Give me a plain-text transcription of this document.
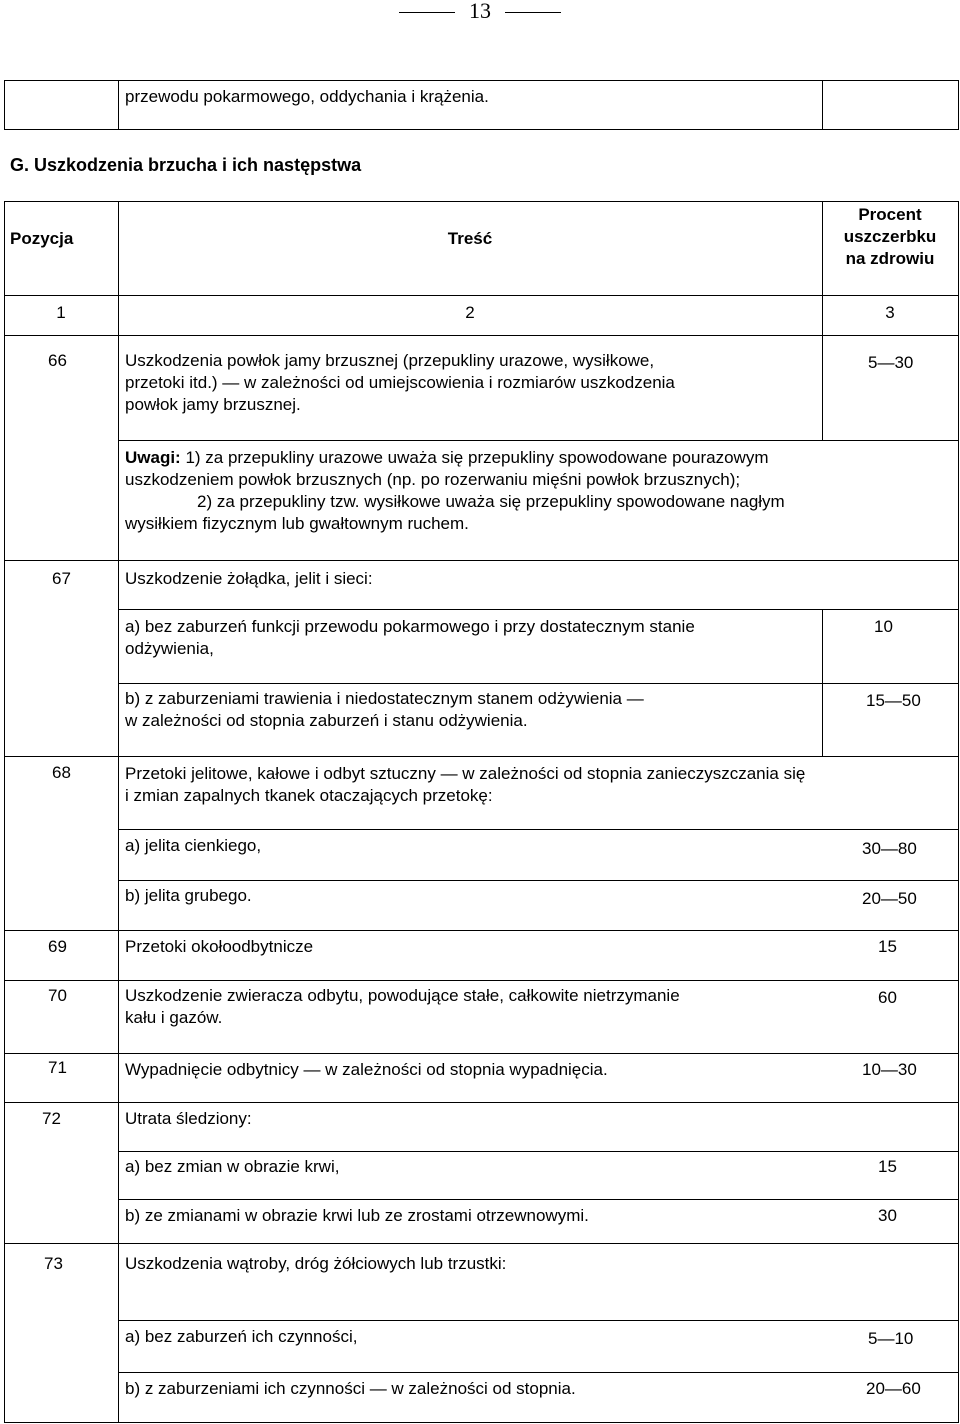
13
przewodu pokarmowego, oddychania i krążenia.
G. Uszkodzenia brzucha i ich następstwa
Pozycja	Treść
Procent
uszczerbku
na zdrowiu
1	2	3
66	Uszkodzenia powłok jamy brzusznej (przepukliny urazowe, wysiłkowe,
przetoki itd.) ― w zależności od umiejscowienia i rozmiarów uszkodzenia
powłok jamy brzusznej.
5―30
Uwagi: 1) za przepukliny urazowe uważa się przepukliny spowodowane pourazowym
uszkodzeniem powłok brzusznych (np. po rozerwaniu mięśni powłok brzusznych);
2) za przepukliny tzw. wysiłkowe uważa się przepukliny spowodowane nagłym
wysiłkiem fizycznym lub gwałtownym ruchem.
67	Uszkodzenie żołądka, jelit i sieci:
a) bez zaburzeń funkcji przewodu pokarmowego i przy dostatecznym stanie
odżywienia,
10
b) z zaburzeniami trawienia i niedostatecznym stanem odżywienia ―
w zależności od stopnia zaburzeń i stanu odżywienia.
15―50
68	Przetoki jelitowe, kałowe i odbyt sztuczny ― w zależności od stopnia zanieczyszczania się
i zmian zapalnych tkanek otaczających przetokę:
a) jelita cienkiego,	30―80
b) jelita grubego.	20―50
69	Przetoki okołoodbytnicze	15
70	Uszkodzenie zwieracza odbytu, powodujące stałe, całkowite nietrzymanie
kału i gazów.
60
71	Wypadnięcie odbytnicy ― w zależności od stopnia wypadnięcia.	10―30
72	Utrata śledziony:
a) bez zmian w obrazie krwi,	15
b) ze zmianami w obrazie krwi lub ze zrostami otrzewnowymi.	30
73	Uszkodzenia wątroby, dróg żółciowych lub trzustki:
a) bez zaburzeń ich czynności,	5―10
b) z zaburzeniami ich czynności ― w zależności od stopnia.	20―60
